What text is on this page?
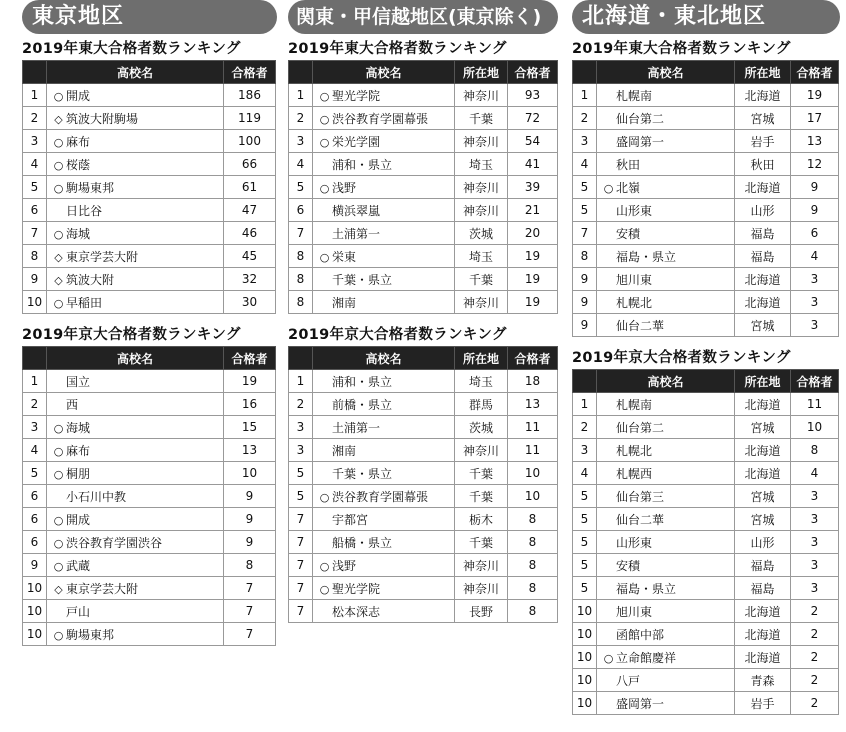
東京地区
2019年東大合格者数ランキング
	高校名	合格者
1	○ 開成	186
2	◇ 筑波大附駒場	119
3	○ 麻布	100
4	○ 桜蔭	66
5	○ 駒場東邦	61
6	日比谷	47
7	○ 海城	46
8	◇ 東京学芸大附	45
9	◇ 筑波大附	32
10	○ 早稲田	30
2019年京大合格者数ランキング
	高校名	合格者
1	国立	19
2	西	16
3	○ 海城	15
4	○ 麻布	13
5	○ 桐朋	10
6	小石川中教	9
6	○ 開成	9
6	○ 渋谷教育学園渋谷	9
9	○ 武蔵	8
10	◇ 東京学芸大附	7
10	戸山	7
10	○ 駒場東邦	7
関東・甲信越地区(東京除く)
2019年東大合格者数ランキング
	高校名	所在地	合格者
1	○ 聖光学院	神奈川	93
2	○ 渋谷教育学園幕張	千葉	72
3	○ 栄光学園	神奈川	54
4	浦和・県立	埼玉	41
5	○ 浅野	神奈川	39
6	横浜翠嵐	神奈川	21
7	土浦第一	茨城	20
8	○ 栄東	埼玉	19
8	千葉・県立	千葉	19
8	湘南	神奈川	19
2019年京大合格者数ランキング
	高校名	所在地	合格者
1	浦和・県立	埼玉	18
2	前橋・県立	群馬	13
3	土浦第一	茨城	11
3	湘南	神奈川	11
5	千葉・県立	千葉	10
5	○ 渋谷教育学園幕張	千葉	10
7	宇都宮	栃木	8
7	船橋・県立	千葉	8
7	○ 浅野	神奈川	8
7	○ 聖光学院	神奈川	8
7	松本深志	長野	8
北海道・東北地区
2019年東大合格者数ランキング
	高校名	所在地	合格者
1	札幌南	北海道	19
2	仙台第二	宮城	17
3	盛岡第一	岩手	13
4	秋田	秋田	12
5	○ 北嶺	北海道	9
5	山形東	山形	9
7	安積	福島	6
8	福島・県立	福島	4
9	旭川東	北海道	3
9	札幌北	北海道	3
9	仙台二華	宮城	3
2019年京大合格者数ランキング
	高校名	所在地	合格者
1	札幌南	北海道	11
2	仙台第二	宮城	10
3	札幌北	北海道	8
4	札幌西	北海道	4
5	仙台第三	宮城	3
5	仙台二華	宮城	3
5	山形東	山形	3
5	安積	福島	3
5	福島・県立	福島	3
10	旭川東	北海道	2
10	函館中部	北海道	2
10	○ 立命館慶祥	北海道	2
10	八戸	青森	2
10	盛岡第一	岩手	2
